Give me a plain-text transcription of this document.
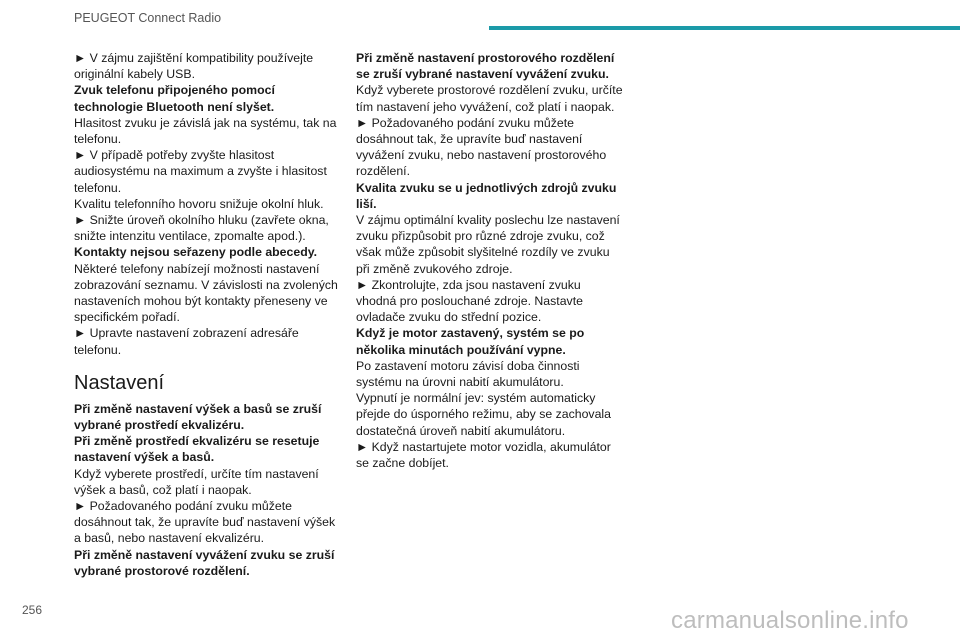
PEUGEOT Connect Radio
► V zájmu zajištění kompatibility používejte
originální kabely USB.
Zvuk telefonu připojeného pomocí
technologie Bluetooth není slyšet.
Hlasitost zvuku je závislá jak na systému, tak na
telefonu.
► V případě potřeby zvyšte hlasitost
audiosystému na maximum a zvyšte i hlasitost
telefonu.
Kvalitu telefonního hovoru snižuje okolní hluk.
► Snižte úroveň okolního hluku (zavřete okna,
snižte intenzitu ventilace, zpomalte apod.).
Kontakty nejsou seřazeny podle abecedy.
Některé telefony nabízejí možnosti nastavení
zobrazování seznamu. V závislosti na zvolených
nastaveních mohou být kontakty přeneseny ve
specifickém pořadí.
► Upravte nastavení zobrazení adresáře
telefonu.
Nastavení
Při změně nastavení výšek a basů se zruší
vybrané prostředí ekvalizéru.
Při změně prostředí ekvalizéru se resetuje
nastavení výšek a basů.
Když vyberete prostředí, určíte tím nastavení
výšek a basů, což platí i naopak.
► Požadovaného podání zvuku můžete
dosáhnout tak, že upravíte buď nastavení výšek
a basů, nebo nastavení ekvalizéru.
Při změně nastavení vyvážení zvuku se zruší
vybrané prostorové rozdělení.
Při změně nastavení prostorového rozdělení
se zruší vybrané nastavení vyvážení zvuku.
Když vyberete prostorové rozdělení zvuku, určíte
tím nastavení jeho vyvážení, což platí i naopak.
► Požadovaného podání zvuku můžete
dosáhnout tak, že upravíte buď nastavení
vyvážení zvuku, nebo nastavení prostorového
rozdělení.
Kvalita zvuku se u jednotlivých zdrojů zvuku
liší.
V zájmu optimální kvality poslechu lze nastavení
zvuku přizpůsobit pro různé zdroje zvuku, což
však může způsobit slyšitelné rozdíly ve zvuku
při změně zvukového zdroje.
► Zkontrolujte, zda jsou nastavení zvuku
vhodná pro poslouchané zdroje. Nastavte
ovladače zvuku do střední pozice.
Když je motor zastavený, systém se po
několika minutách používání vypne.
Po zastavení motoru závisí doba činnosti
systému na úrovni nabití akumulátoru.
Vypnutí je normální jev: systém automaticky
přejde do úsporného režimu, aby se zachovala
dostatečná úroveň nabití akumulátoru.
► Když nastartujete motor vozidla, akumulátor
se začne dobíjet.
256	carmanualsonline.info
